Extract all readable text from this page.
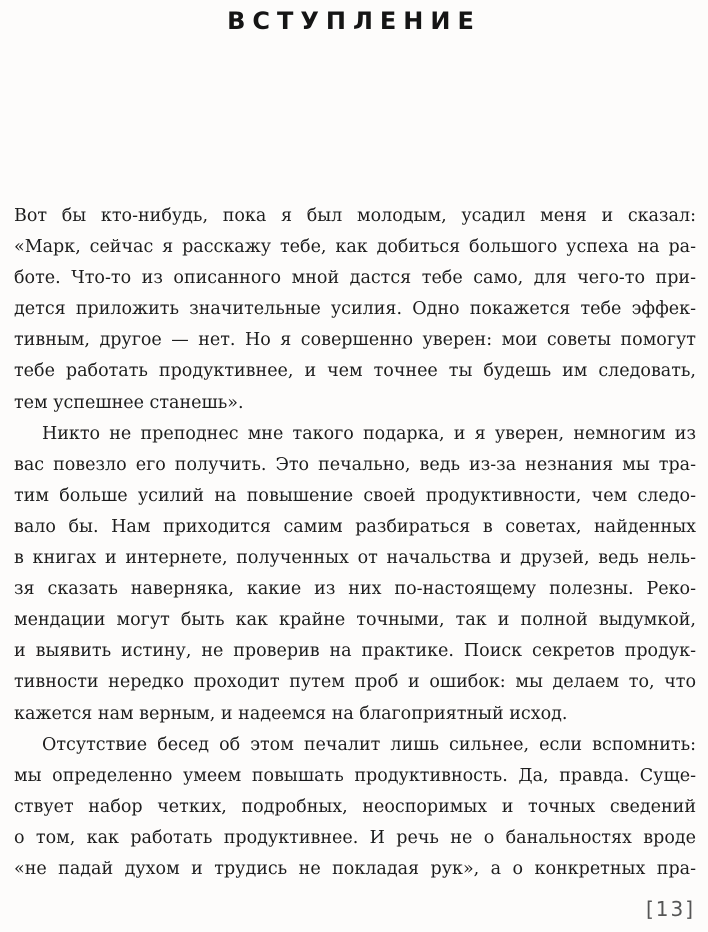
ВСТУПЛЕНИЕ
Вот бы кто-нибудь, пока я был молодым, усадил меня и сказал:
«Марк, сейчас я расскажу тебе, как добиться большого успеха на ра-
боте. Что-то из описанного мной дастся тебе само, для чего-то при-
дется приложить значительные усилия. Одно покажется тебе эффек-
тивным, другое — нет. Но я совершенно уверен: мои советы помогут
тебе работать продуктивнее, и чем точнее ты будешь им следовать,
тем успешнее станешь».
Никто не преподнес мне такого подарка, и я уверен, немногим из
вас повезло его получить. Это печально, ведь из-за незнания мы тра-
тим больше усилий на повышение своей продуктивности, чем следо-
вало бы. Нам приходится самим разбираться в советах, найденных
в книгах и интернете, полученных от начальства и друзей, ведь нель-
зя сказать наверняка, какие из них по-настоящему полезны. Реко-
мендации могут быть как крайне точными, так и полной выдумкой,
и выявить истину, не проверив на практике. Поиск секретов продук-
тивности нередко проходит путем проб и ошибок: мы делаем то, что
кажется нам верным, и надеемся на благоприятный исход.
Отсутствие бесед об этом печалит лишь сильнее, если вспомнить:
мы определенно умеем повышать продуктивность. Да, правда. Суще-
ствует набор четких, подробных, неоспоримых и точных сведений
о том, как работать продуктивнее. И речь не о банальностях вроде
«не падай духом и трудись не покладая рук», а о конкретных пра-
[13]
